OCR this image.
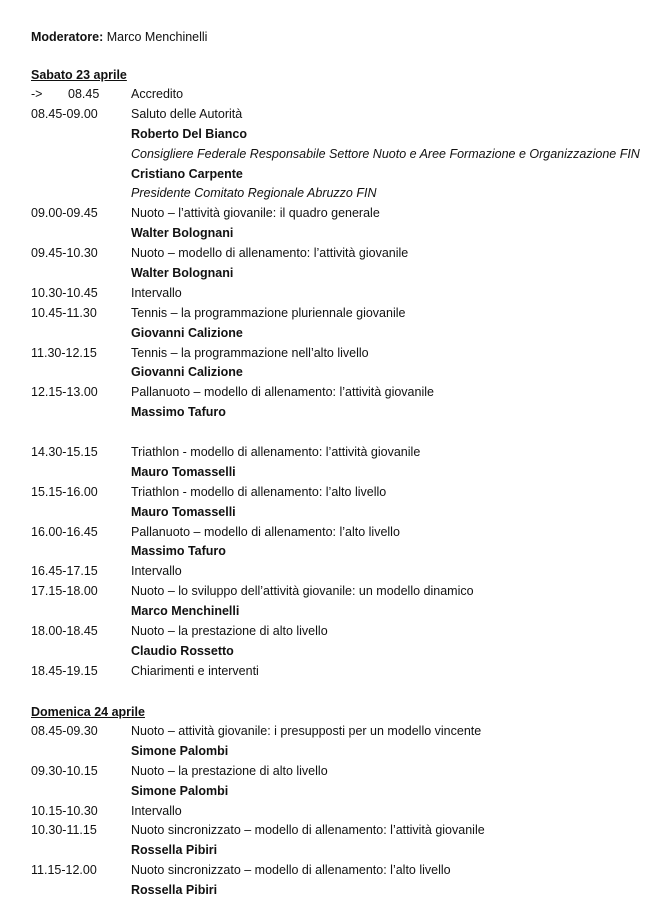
Moderatore: Marco Menchinelli
Sabato 23 aprile
-> 08.45	Accredito
08.45-09.00	Saluto delle Autorità
Roberto Del Bianco
Consigliere Federale Responsabile Settore Nuoto e Aree Formazione e Organizzazione FIN
Cristiano Carpente
Presidente Comitato Regionale Abruzzo FIN
09.00-09.45	Nuoto – l’attività giovanile: il quadro generale
Walter Bolognani
09.45-10.30	Nuoto – modello di allenamento: l’attività giovanile
Walter Bolognani
10.30-10.45	Intervallo
10.45-11.30	Tennis – la programmazione pluriennale giovanile
Giovanni Calizione
11.30-12.15	Tennis – la programmazione nell’alto livello
Giovanni Calizione
12.15-13.00	Pallanuoto – modello di allenamento: l’attività giovanile
Massimo Tafuro
14.30-15.15	Triathlon - modello di allenamento: l’attività giovanile
Mauro Tomasselli
15.15-16.00	Triathlon - modello di allenamento: l’alto livello
Mauro Tomasselli
16.00-16.45	Pallanuoto – modello di allenamento: l’alto livello
Massimo Tafuro
16.45-17.15	Intervallo
17.15-18.00	Nuoto – lo sviluppo dell’attività giovanile: un modello dinamico
Marco Menchinelli
18.00-18.45	Nuoto – la prestazione di alto livello
Claudio Rossetto
18.45-19.15	Chiarimenti e interventi
Domenica 24 aprile
08.45-09.30	Nuoto – attività giovanile: i presupposti per un modello vincente
Simone Palombi
09.30-10.15	Nuoto – la prestazione di alto livello
Simone Palombi
10.15-10.30	Intervallo
10.30-11.15	Nuoto sincronizzato – modello di allenamento: l’attività giovanile
Rossella Pibiri
11.15-12.00	Nuoto sincronizzato – modello di allenamento: l’alto livello
Rossella Pibiri
